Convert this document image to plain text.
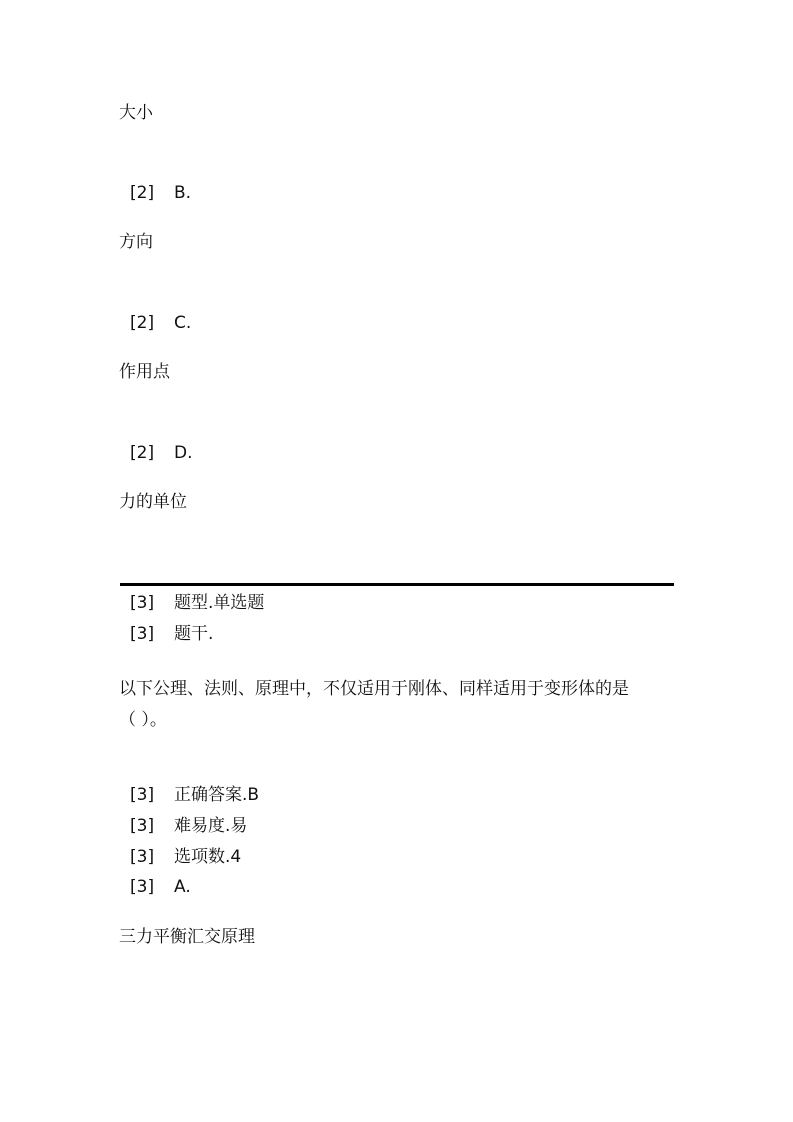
大小
[2] B.
方向
[2] C.
作用点
[2] D.
力的单位
[3] 题型.单选题
[3] 题干.
以下公理、法则、原理中，不仅适用于刚体、同样适用于变形体的是
（ ）。
[3] 正确答案.B
[3] 难易度.易
[3] 选项数.4
[3] A.
三力平衡汇交原理
